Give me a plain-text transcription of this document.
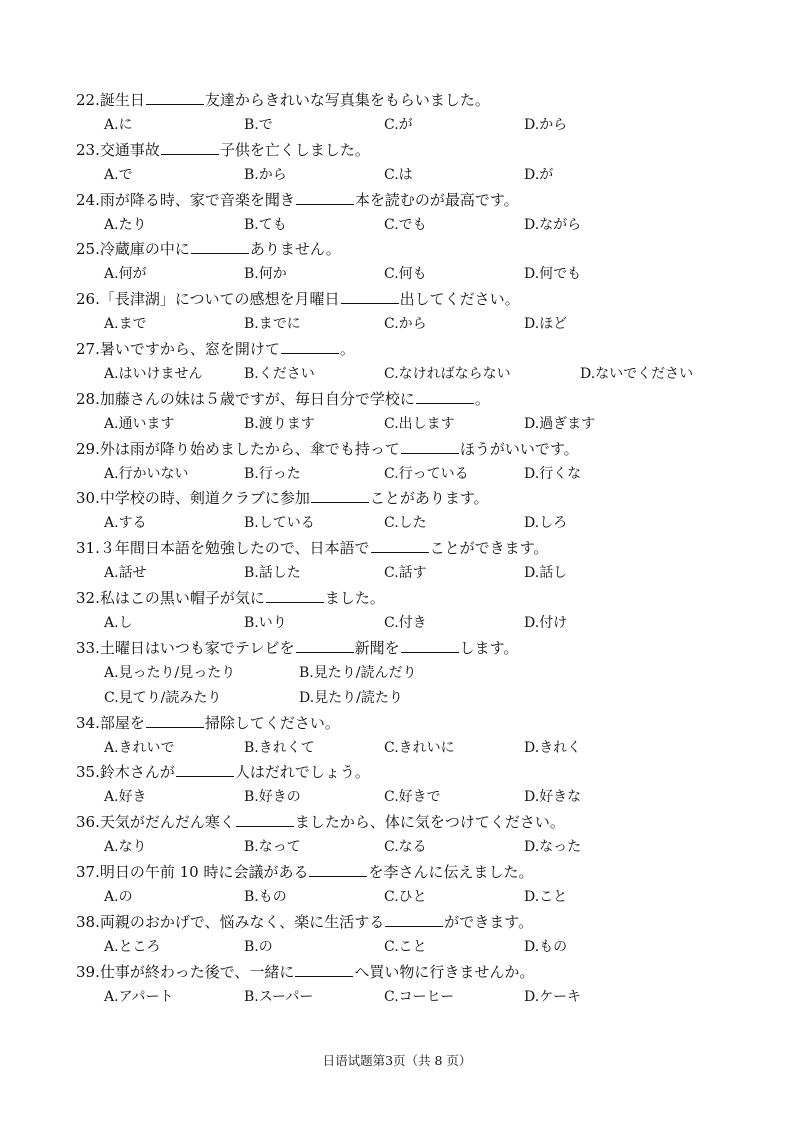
22.誕生日	友達からきれいな写真集をもらいました。
A.に	B.で	C.が	D.から
23.交通事故	子供を亡くしました。
A.で	B.から	C.は	D.が
24.雨が降る時、家で音楽を聞き	本を読むのが最高です。
A.たり	B.ても	C.でも	D.ながら
25.冷蔵庫の中に	ありません。
A.何が	B.何か	C.何も	D.何でも
26.「長津湖」についての感想を月曜日	出してください。
A.まで	B.までに	C.から	D.ほど
27.暑いですから、窓を開けて	。
A.はいけません	B.ください	C.なければならない	D.ないでください
28.加藤さんの妹は５歳ですが、毎日自分で学校に	。
A.通います	B.渡ります	C.出します	D.過ぎます
29.外は雨が降り始めましたから、傘でも持って	ほうがいいです。
A.行かいない	B.行った	C.行っている	D.行くな
30.中学校の時、剣道クラブに参加	ことがあります。
A.する	B.している	C.した	D.しろ
31.３年間日本語を勉強したので、日本語で	ことができます。
A.話せ	B.話した	C.話す	D.話し
32.私はこの黒い帽子が気に	ました。
A.し	B.いり	C.付き	D.付け
33.土曜日はいつも家でテレビを	新聞を	します。
A.見ったり/見ったり	B.見たり/読んだり
C.見てり/読みたり	D.見たり/読たり
34.部屋を	掃除してください。
A.きれいで	B.きれくて	C.きれいに	D.きれく
35.鈴木さんが	人はだれでしょう。
A.好き	B.好きの	C.好きで	D.好きな
36.天気がだんだん寒く	ましたから、体に気をつけてください。
A.なり	B.なって	C.なる	D.なった
37.明日の午前 10 時に会議がある	を李さんに伝えました。
A.の	B.もの	C.ひと	D.こと
38.両親のおかげで、悩みなく、楽に生活する	ができます。
A.ところ	B.の	C.こと	D.もの
39.仕事が終わった後で、一緒に	へ買い物に行きませんか。
A.アパート	B.スーパー	C.コーヒー	D.ケーキ
日语试题第3页（共 8 页）
